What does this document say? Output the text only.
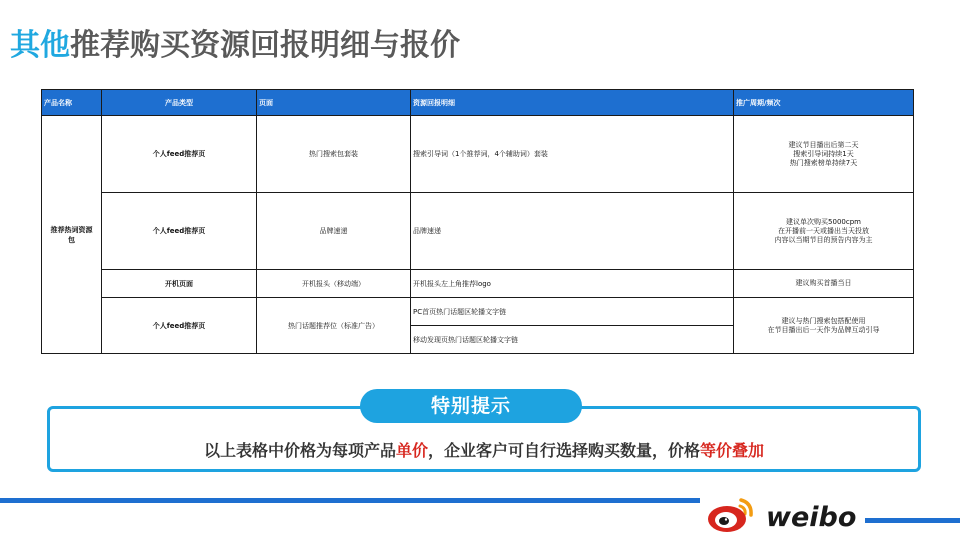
其他推荐购买资源回报明细与报价
产品名称	产品类型	页面	资源回报明细	推广周期/频次
推荐热词资源包	个人feed推荐页	热门搜索包套装	搜索引导词（1个推荐词，4个辅助词）套装	建议节目播出后第二天
搜索引导词持续1天
热门搜索榜单持续7天

	个人feed推荐页	品牌速递	品牌速递	建议单次购买5000cpm
在开播前一天或播出当天投放
内容以当期节目的预告内容为主

	开机页面	开机报头（移动端）	开机报头左上角推荐logo	建议购买首播当日
	个人feed推荐页	热门话题推荐位（标准广告）	PC首页热门话题区轮播文字链	建议与热门搜索包搭配使用
在节目播出后一天作为品牌互动引导

			移动发现页热门话题区轮播文字链	
特别提示
以上表格中价格为每项产品单价，企业客户可自行选择购买数量，价格等价叠加
weibo
